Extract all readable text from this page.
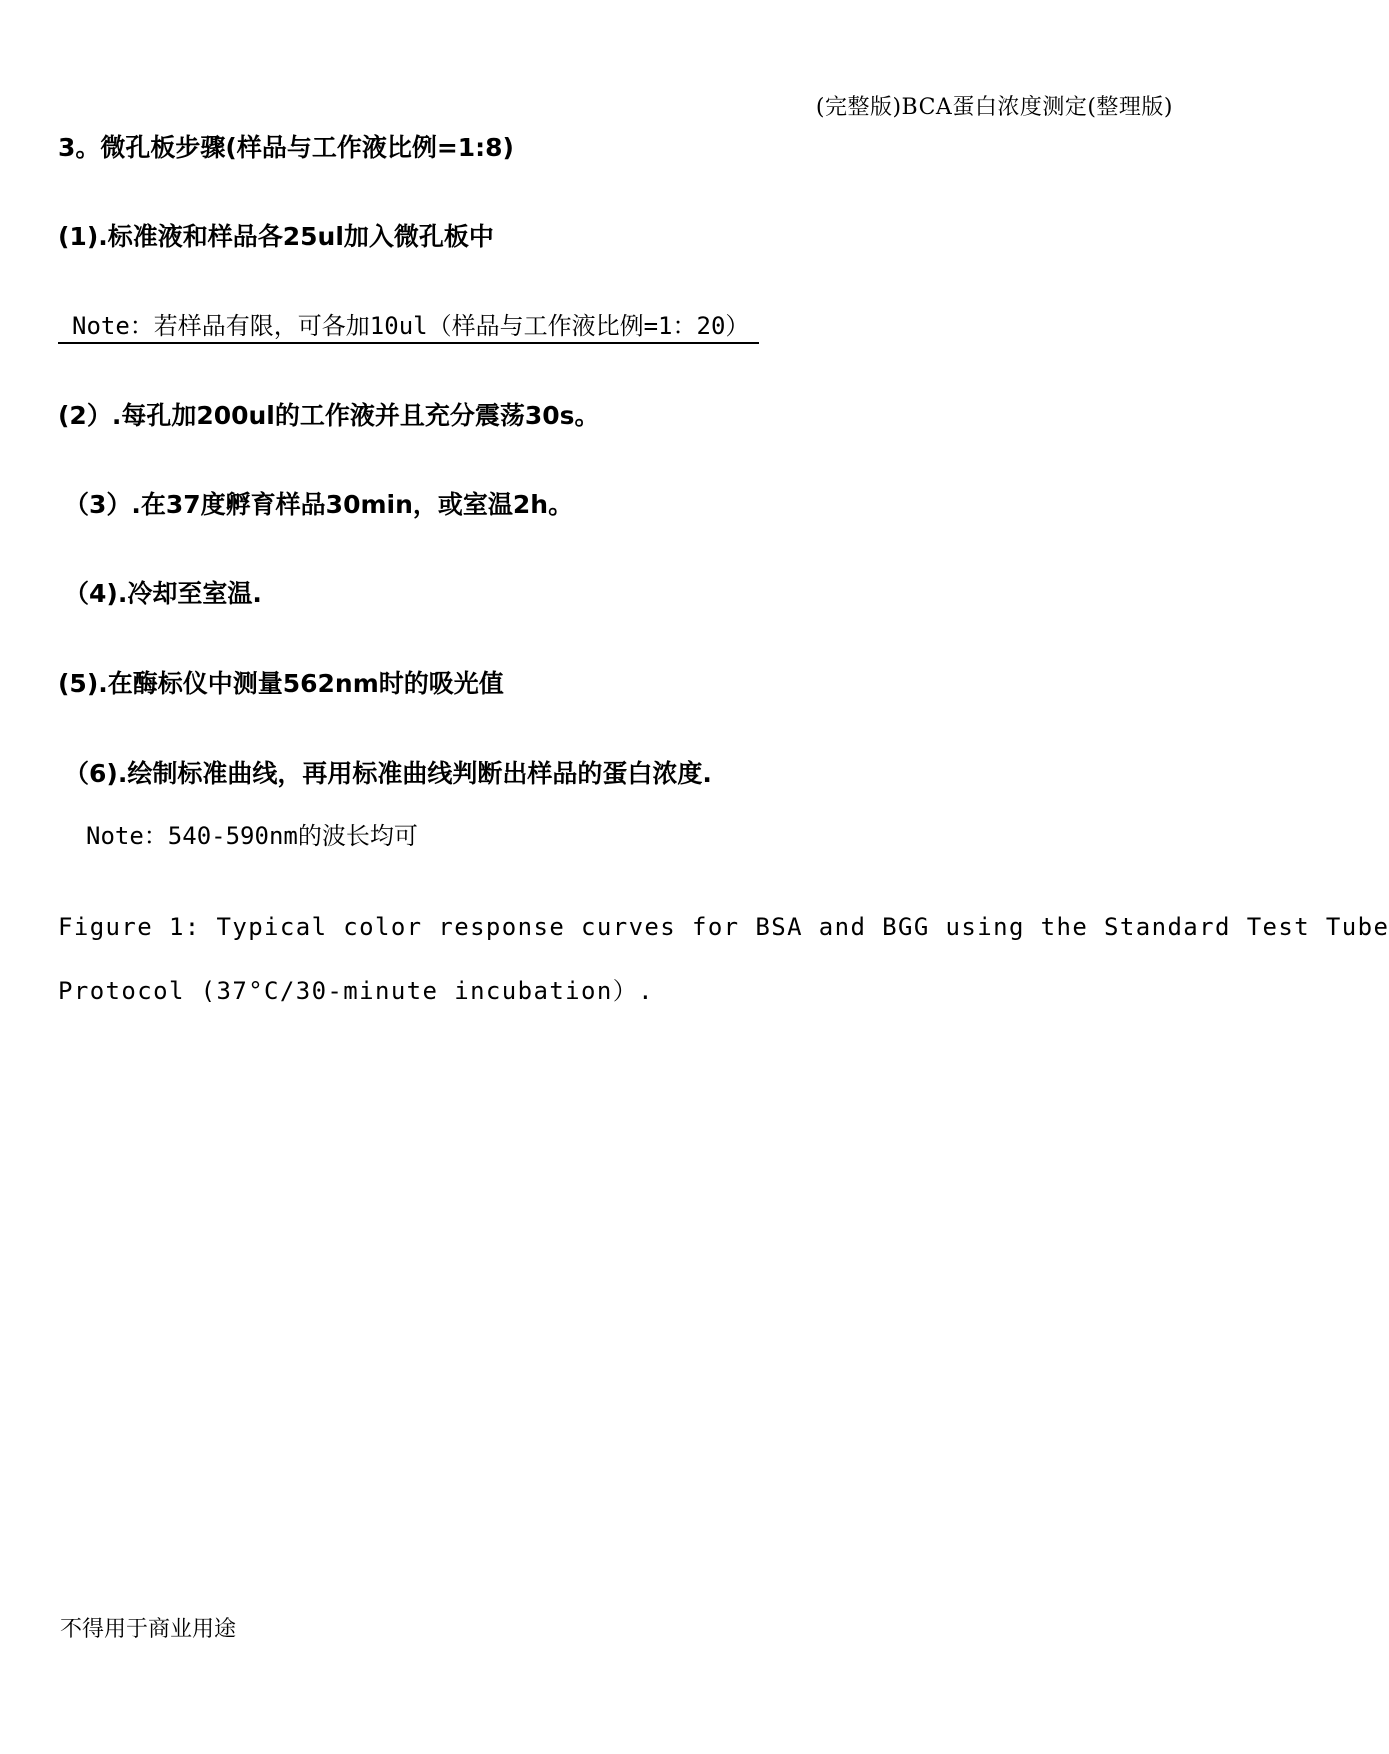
(完整版)BCA蛋白浓度测定(整理版)
3。微孔板步骤(样品与工作液比例=1:8)
(1).标准液和样品各25ul加入微孔板中
Note：若样品有限，可各加10ul（样品与工作液比例=1：20）
(2）.每孔加200ul的工作液并且充分震荡30s。
（3）.在37度孵育样品30min，或室温2h。
（4).冷却至室温.
(5).在酶标仪中测量562nm时的吸光值
（6).绘制标准曲线，再用标准曲线判断出样品的蛋白浓度.
Note：540-590nm的波长均可
Figure 1: Typical color response curves for BSA and BGG using the Standard Test Tube
Protocol (37°C/30-minute incubation）.
不得用于商业用途
